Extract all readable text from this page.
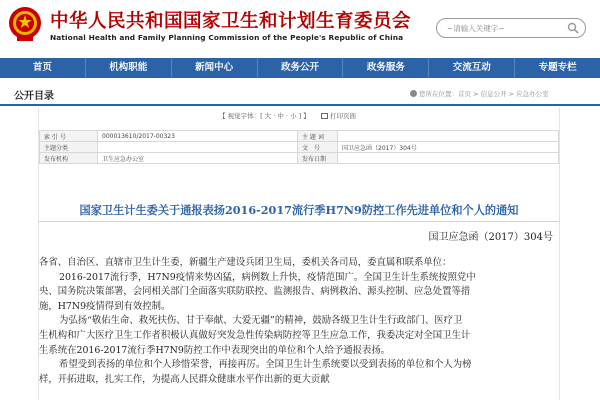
中华人民共和国国家卫生和计划生育委员会
National Health and Family Planning Commission of the People's Republic of China
~请输入关键字~
首页	机构职能	新闻中心	政务公开	政务服务	交流互动	专题专栏
公开目录	您所在位置：首页 > 信息公开 > 应急办公室
【 视觉字体：[ 大 · 中 · 小 ] 】	打印页面
索 引 号	000013610/2017-00323	主 题 词	
主题分类		文　号	国卫应急函（2017）304号
发布机构	卫生应急办公室	发布日期	
国家卫生计生委关于通报表扬2016-2017流行季H7N9防控工作先进单位和个人的通知
国卫应急函（2017）304号

各省、自治区、直辖市卫生计生委，新疆生产建设兵团卫生局，委机关各司局，委直属和联系单位：

2016-2017流行季，H7N9疫情来势凶猛，病例数上升快，疫情范围广。全国卫生计生系统按照党中

央、国务院决策部署，会同相关部门全面落实联防联控、监测报告、病例救治、源头控制、应急处置等措

施，H7N9疫情得到有效控制。

为弘扬“敬佑生命、救死扶伤、甘于奉献、大爱无疆”的精神，鼓励各级卫生计生行政部门、医疗卫

生机构和广大医疗卫生工作者积极认真做好突发急性传染病防控等卫生应急工作，我委决定对全国卫生计

生系统在2016-2017流行季H7N9防控工作中表现突出的单位和个人给予通报表扬。

希望受到表扬的单位和个人珍惜荣誉，再接再厉。全国卫生计生系统要以受到表扬的单位和个人为榜

样，开拓进取，扎实工作，为提高人民群众健康水平作出新的更大贡献
